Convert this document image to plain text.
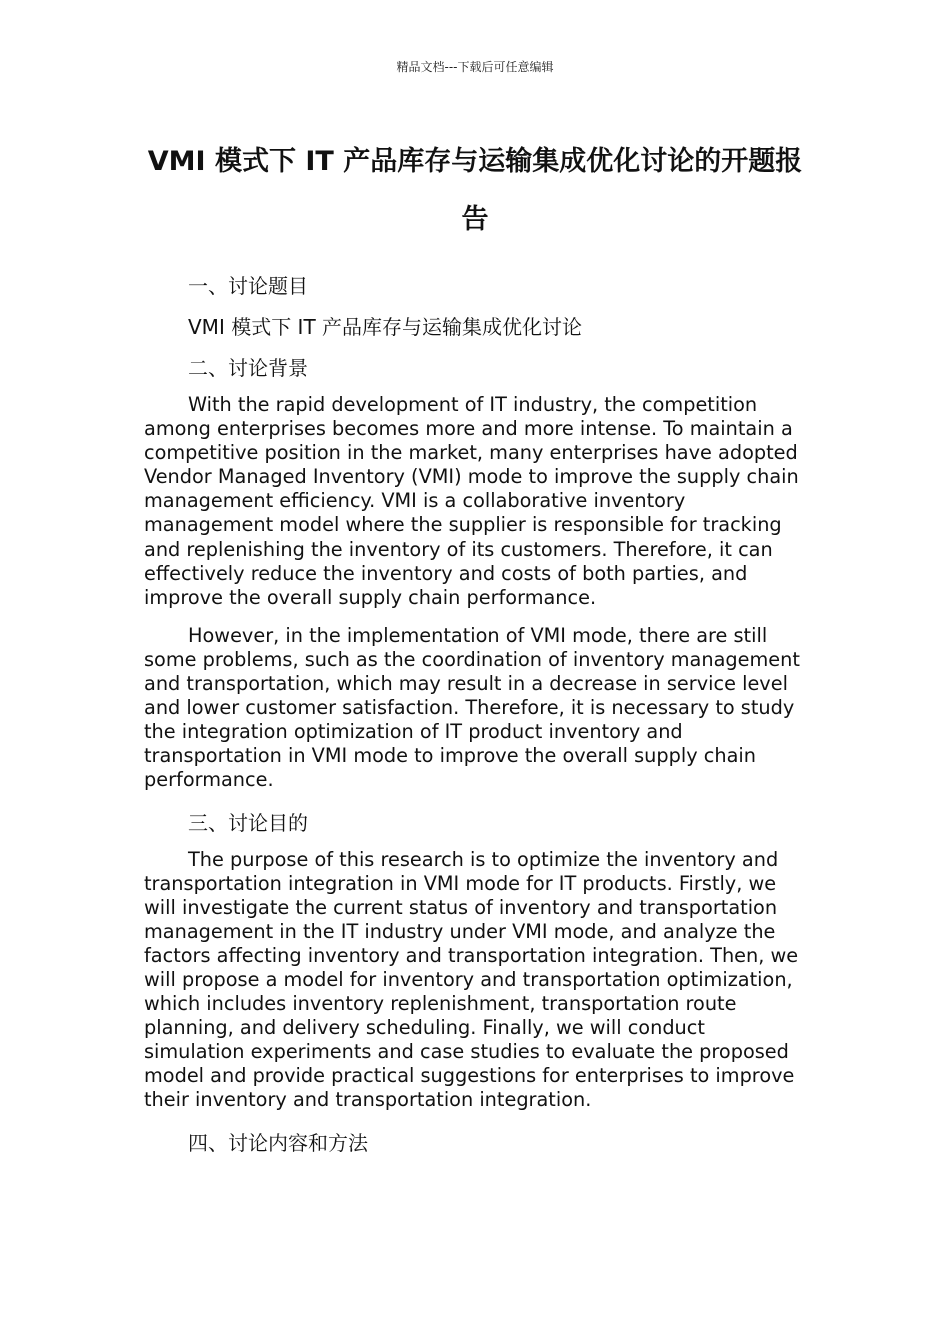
精品文档---下载后可任意编辑
VMI 模式下 IT 产品库存与运输集成优化讨论的开题报告
一、讨论题目
VMI 模式下 IT 产品库存与运输集成优化讨论
二、讨论背景

With the rapid development of IT industry, the competition among enterprises becomes more and more intense. To maintain a competitive position in the market, many enterprises have adopted Vendor Managed Inventory (VMI) mode to improve the supply chain management efficiency. VMI is a collaborative inventory management model where the supplier is responsible for tracking and replenishing the inventory of its customers. Therefore, it can effectively reduce the inventory and costs of both parties, and improve the overall supply chain performance.

However, in the implementation of VMI mode, there are still some problems, such as the coordination of inventory management and transportation, which may result in a decrease in service level and lower customer satisfaction. Therefore, it is necessary to study the integration optimization of IT product inventory and transportation in VMI mode to improve the overall supply chain performance.

三、讨论目的

The purpose of this research is to optimize the inventory and transportation integration in VMI mode for IT products. Firstly, we will investigate the current status of inventory and transportation management in the IT industry under VMI mode, and analyze the factors affecting inventory and transportation integration. Then, we will propose a model for inventory and transportation optimization, which includes inventory replenishment, transportation route planning, and delivery scheduling. Finally, we will conduct simulation experiments and case studies to evaluate the proposed model and provide practical suggestions for enterprises to improve their inventory and transportation integration.

四、讨论内容和方法
